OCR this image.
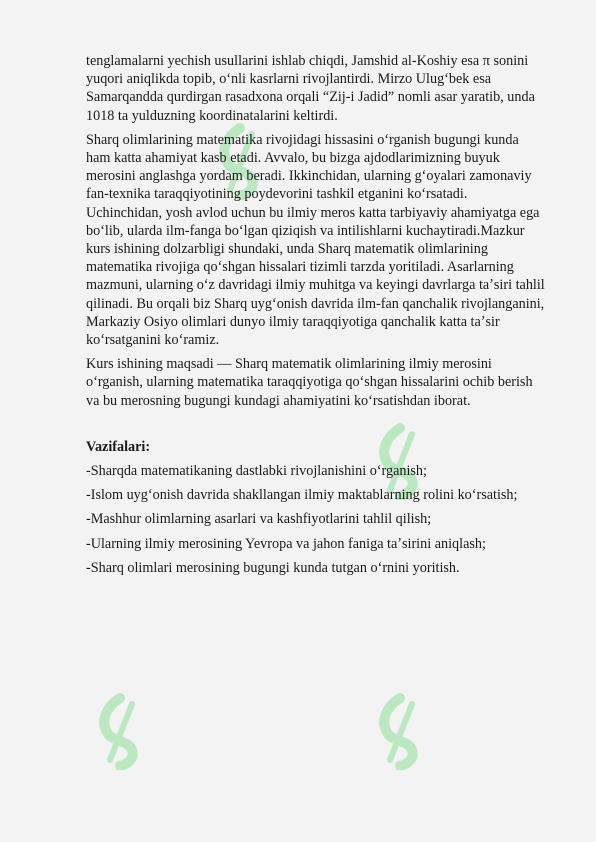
tenglamalarni yechish usullarini ishlab chiqdi, Jamshid al-Koshiy esa π sonini yuqori aniqlikda topib, oʻnli kasrlarni rivojlantirdi. Mirzo Ulugʻbek esa Samarqandda qurdirgan rasadxona orqali “Zij-i Jadid” nomli asar yaratib, unda 1018 ta yulduzning koordinatalarini keltirdi.

Sharq olimlarining matematika rivojidagi hissasini oʻrganish bugungi kunda ham katta ahamiyat kasb etadi. Avvalo, bu bizga ajdodlarimizning buyuk merosini anglashga yordam beradi. Ikkinchidan, ularning gʻoyalari zamonaviy fan-texnika taraqqiyotining poydevorini tashkil etganini koʻrsatadi. Uchinchidan, yosh avlod uchun bu ilmiy meros katta tarbiyaviy ahamiyatga ega boʻlib, ularda ilm-fanga boʻlgan qiziqish va intilishlarni kuchaytiradi.Mazkur kurs ishining dolzarbligi shundaki, unda Sharq matematik olimlarining matematika rivojiga qoʻshgan hissalari tizimli tarzda yoritiladi. Asarlarning mazmuni, ularning oʻz davridagi ilmiy muhitga va keyingi davrlarga taʼsiri tahlil qilinadi. Bu orqali biz Sharq uygʻonish davrida ilm-fan qanchalik rivojlanganini, Markaziy Osiyo olimlari dunyo ilmiy taraqqiyotiga qanchalik katta taʼsir koʻrsatganini koʻramiz.

Kurs ishining maqsadi — Sharq matematik olimlarining ilmiy merosini oʻrganish, ularning matematika taraqqiyotiga qoʻshgan hissalarini ochib berish va bu merosning bugungi kundagi ahamiyatini koʻrsatishdan iborat.

Vazifalari:
-Sharqda matematikaning dastlabki rivojlanishini oʻrganish;
-Islom uygʻonish davrida shakllangan ilmiy maktablarning rolini koʻrsatish;
-Mashhur olimlarning asarlari va kashfiyotlarini tahlil qilish;
-Ularning ilmiy merosining Yevropa va jahon faniga taʼsirini aniqlash;
-Sharq olimlari merosining bugungi kunda tutgan oʻrnini yoritish.
